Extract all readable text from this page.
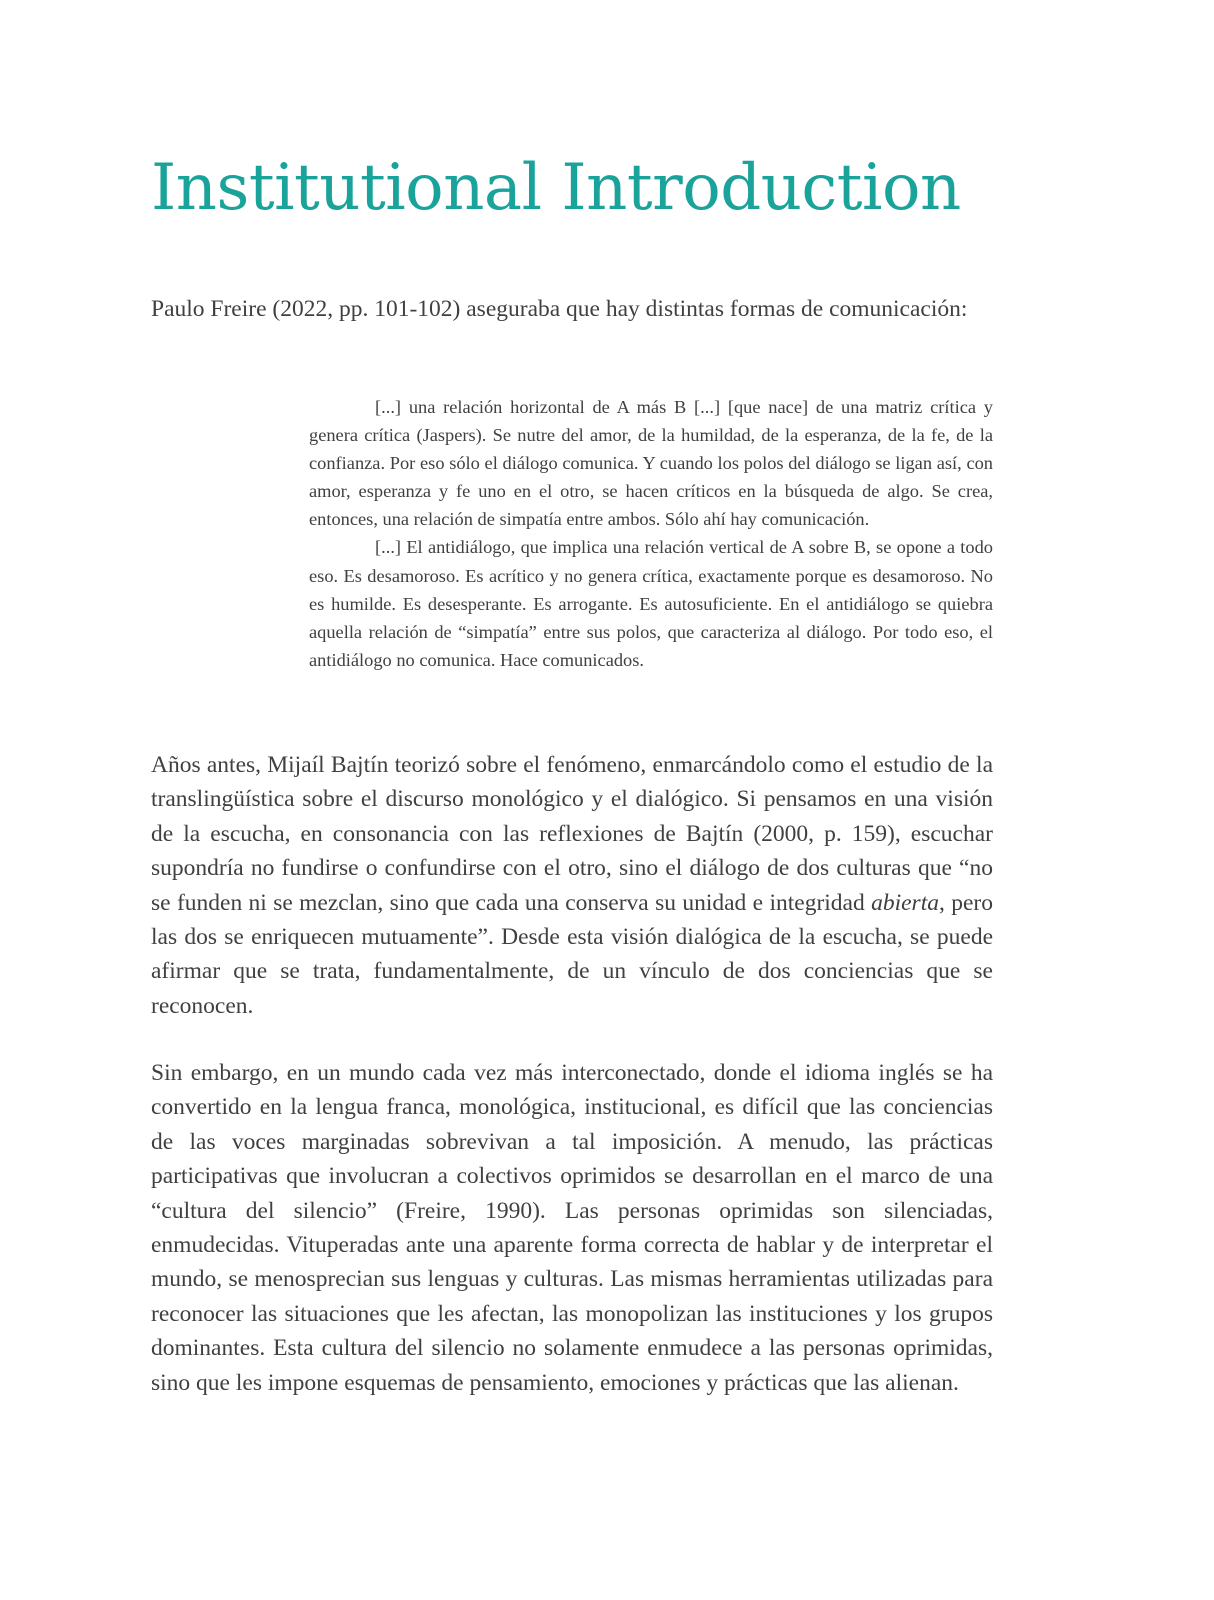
Institutional Introduction

Paulo Freire (2022, pp. 101-102) aseguraba que hay distintas formas de comunicación:

[...] una relación horizontal de A más B [...] [que nace] de una matriz crítica y genera crítica (Jaspers). Se nutre del amor, de la humildad, de la esperanza, de la fe, de la confianza. Por eso sólo el diálogo comunica. Y cuando los polos del diálogo se ligan así, con amor, esperanza y fe uno en el otro, se hacen críticos en la búsqueda de algo. Se crea, entonces, una relación de simpatía entre ambos. Sólo ahí hay comunicación.

[...] El antidiálogo, que implica una relación vertical de A sobre B, se opone a todo eso. Es desamoroso. Es acrítico y no genera crítica, exactamente porque es desamoroso. No es humilde. Es desesperante. Es arrogante. Es autosuficiente. En el antidiálogo se quiebra aquella relación de “simpatía” entre sus polos, que caracteriza al diálogo. Por todo eso, el antidiálogo no comunica. Hace comunicados.

Años antes, Mijaíl Bajtín teorizó sobre el fenómeno, enmarcándolo como el estudio de la translingüística sobre el discurso monológico y el dialógico. Si pensamos en una visión de la escucha, en consonancia con las reflexiones de Bajtín (2000, p. 159), escuchar supondría no fundirse o confundirse con el otro, sino el diálogo de dos culturas que “no se funden ni se mezclan, sino que cada una conserva su unidad e integridad abierta, pero las dos se enriquecen mutuamente”. Desde esta visión dialógica de la escucha, se puede afirmar que se trata, fundamentalmente, de un vínculo de dos conciencias que se reconocen.

Sin embargo, en un mundo cada vez más interconectado, donde el idioma inglés se ha convertido en la lengua franca, monológica, institucional, es difícil que las conciencias de las voces marginadas sobrevivan a tal imposición. A menudo, las prácticas participativas que involucran a colectivos oprimidos se desarrollan en el marco de una “cultura del silencio” (Freire, 1990). Las personas oprimidas son silenciadas, enmudecidas. Vituperadas ante una aparente forma correcta de hablar y de interpretar el mundo, se menosprecian sus lenguas y culturas. Las mismas herramientas utilizadas para reconocer las situaciones que les afectan, las monopolizan las instituciones y los grupos dominantes. Esta cultura del silencio no solamente enmudece a las personas oprimidas, sino que les impone esquemas de pensamiento, emociones y prácticas que las alienan.
